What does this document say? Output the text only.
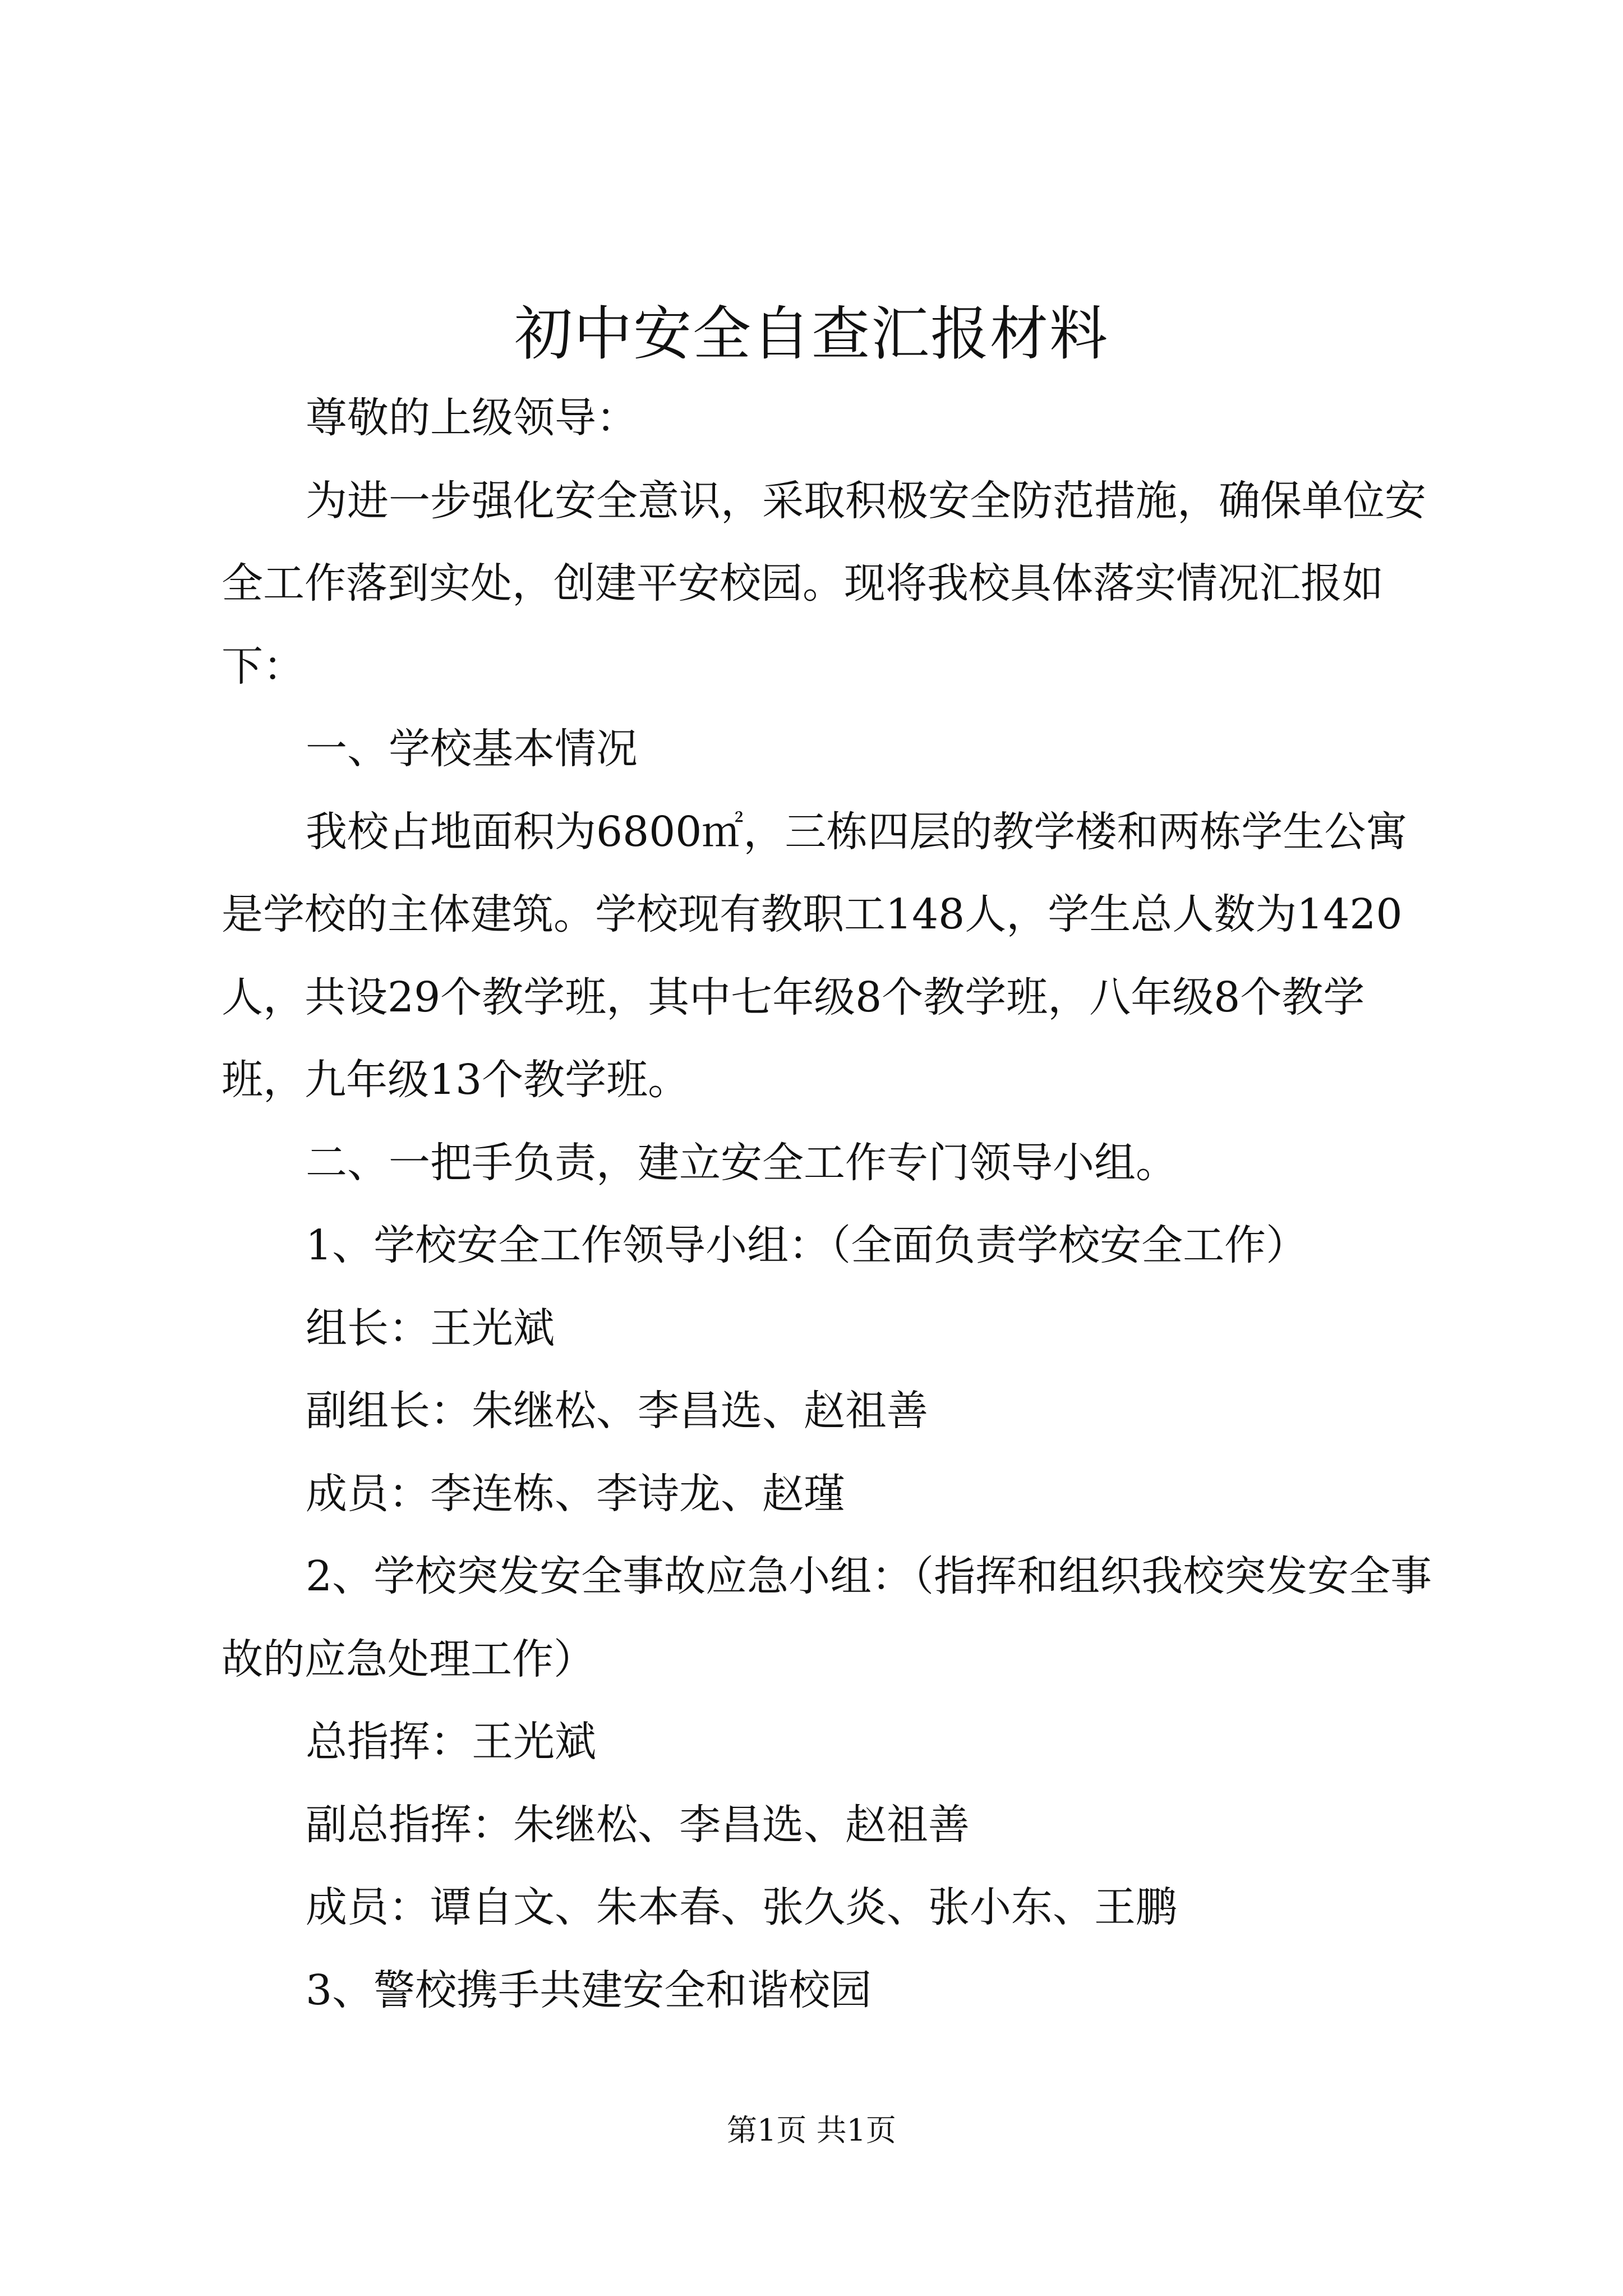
初中安全自查汇报材料

尊敬的上级领导：

为进一步强化安全意识，采取积极安全防范措施，确保单位安全工作落到实处，创建平安校园。现将我校具体落实情况汇报如下：

一、学校基本情况

我校占地面积为6800㎡，三栋四层的教学楼和两栋学生公寓是学校的主体建筑。学校现有教职工148人，学生总人数为1420人，共设29个教学班，其中七年级8个教学班，八年级8个教学班，九年级13个教学班。

二、一把手负责，建立安全工作专门领导小组。

1、学校安全工作领导小组：（全面负责学校安全工作）

组长：王光斌

副组长：朱继松、李昌选、赵祖善

成员：李连栋、李诗龙、赵瑾

2、学校突发安全事故应急小组：（指挥和组织我校突发安全事故的应急处理工作）

总指挥：王光斌

副总指挥：朱继松、李昌选、赵祖善

成员：谭自文、朱本春、张久炎、张小东、王鹏

3、警校携手共建安全和谐校园

第1页 共1页
